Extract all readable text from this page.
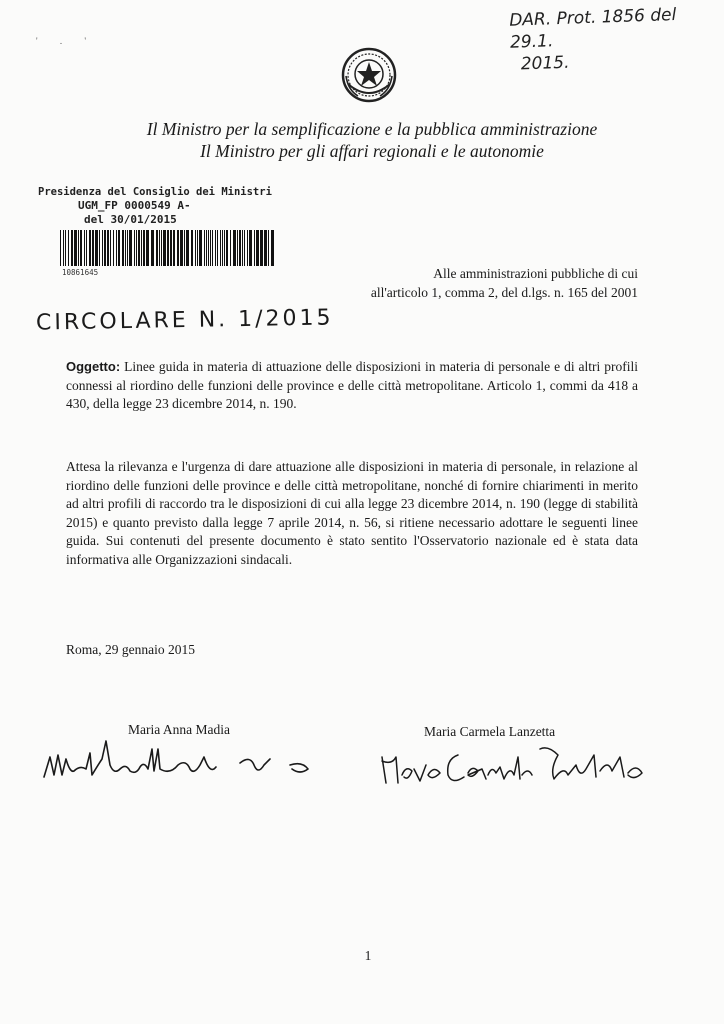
DAR. Prot. 1856 del 29.1.
2015.
' . '
Il Ministro per la semplificazione e la pubblica amministrazione
Il Ministro per gli affari regionali e le autonomie
Presidenza del Consiglio dei Ministri
UGM_FP 0000549 A-
del 30/01/2015
10861645	Alle amministrazioni pubbliche di cui
all'articolo 1, comma 2, del d.lgs. n. 165 del 2001
CIRCOLARE N. 1/2015
Oggetto: Linee guida in materia di attuazione delle disposizioni in materia di personale e di altri profili connessi al riordino delle funzioni delle province e delle città metropolitane. Articolo 1, commi da 418 a 430, della legge 23 dicembre 2014, n. 190.
Attesa la rilevanza e l'urgenza di dare attuazione alle disposizioni in materia di personale, in relazione al riordino delle funzioni delle province e delle città metropolitane, nonché di fornire chiarimenti in merito ad altri profili di raccordo tra le disposizioni di cui alla legge 23 dicembre 2014, n. 190 (legge di stabilità 2015) e quanto previsto dalla legge 7 aprile 2014, n. 56, si ritiene necessario adottare le seguenti linee guida. Sui contenuti del presente documento è stato sentito l'Osservatorio nazionale ed è stata data informativa alle Organizzazioni sindacali.
Roma, 29 gennaio 2015
Maria Anna Madia	Maria Carmela Lanzetta
1
